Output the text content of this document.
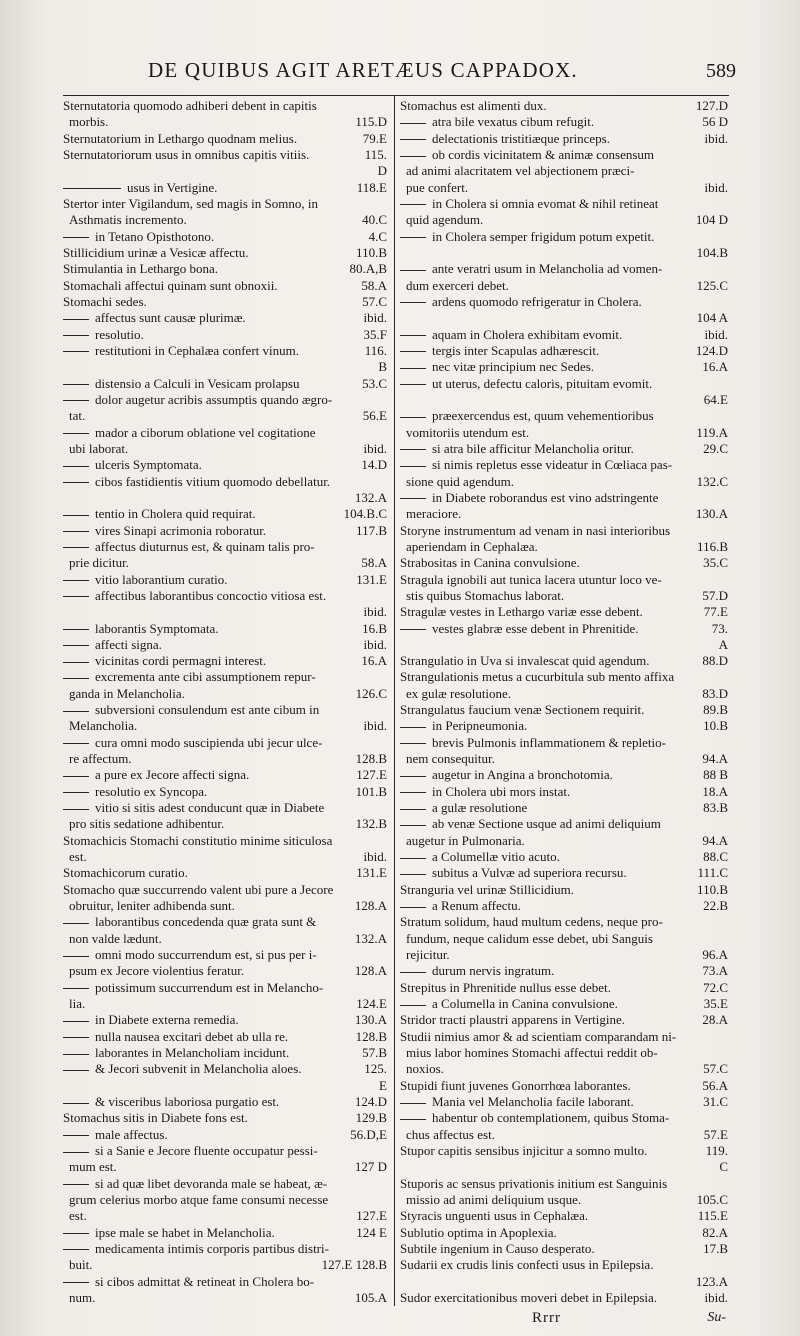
DE QUIBUS AGIT ARETÆUS CAPPADOX.	589
Sternutatoria quomodo adhiberi debent in capitis
morbis.	115.D
Sternutatorium in Lethargo quodnam melius.	79.E
Sternutatoriorum usus in omnibus capitis vitiis.	115.
D
usus in Vertigine.	118.E
Stertor inter Vigilandum, sed magis in Somno, in
Asthmatis incremento.	40.C
in Tetano Opisthotono.	4.C
Stillicidium urinæ a Vesicæ affectu.	110.B
Stimulantia in Lethargo bona.	80.A,B
Stomachali affectui quinam sunt obnoxii.	58.A
Stomachi sedes.	57.C
affectus sunt causæ plurimæ.	ibid.
resolutio.	35.F
restitutioni in Cephalæa confert vinum.	116.
B
distensio a Calculi in Vesicam prolapsu	53.C
dolor augetur acribis assumptis quando ægro-
tat.	56.E
mador a ciborum oblatione vel cogitatione
ubi laborat.	ibid.
ulceris Symptomata.	14.D
cibos fastidientis vitium quomodo debellatur.
132.A
tentio in Cholera quid requirat.	104.B.C
vires Sinapi acrimonia roboratur.	117.B
affectus diuturnus est, & quinam talis pro-
prie dicitur.	58.A
vitio laborantium curatio.	131.E
affectibus laborantibus concoctio vitiosa est.
ibid.
laborantis Symptomata.	16.B
affecti signa.	ibid.
vicinitas cordi permagni interest.	16.A
excrementa ante cibi assumptionem repur-
ganda in Melancholia.	126.C
subversioni consulendum est ante cibum in
Melancholia.	ibid.
cura omni modo suscipienda ubi jecur ulce-
re affectum.	128.B
a pure ex Jecore affecti signa.	127.E
resolutio ex Syncopa.	101.B
vitio si sitis adest conducunt quæ in Diabete
pro sitis sedatione adhibentur.	132.B
Stomachicis Stomachi constitutio minime siticulosa
est.	ibid.
Stomachicorum curatio.	131.E
Stomacho quæ succurrendo valent ubi pure a Jecore
obruitur, leniter adhibenda sunt.	128.A
laborantibus concedenda quæ grata sunt &
non valde lædunt.	132.A
omni modo succurrendum est, si pus per i-
psum ex Jecore violentius feratur.	128.A
potissimum succurrendum est in Melancho-
lia.	124.E
in Diabete externa remedia.	130.A
nulla nausea excitari debet ab ulla re.	128.B
laborantes in Melancholiam incidunt.	57.B
& Jecori subvenit in Melancholia aloes.	125.
E
& visceribus laboriosa purgatio est.	124.D
Stomachus sitis in Diabete fons est.	129.B
male affectus.	56.D,E
si a Sanie e Jecore fluente occupatur pessi-
mum est.	127 D
si ad quæ libet devoranda male se habeat, æ-
grum celerius morbo atque fame consumi necesse
est.	127.E
ipse male se habet in Melancholia.	124 E
medicamenta intimis corporis partibus distri-
buit.	127.E 128.B
si cibos admittat & retineat in Cholera bo-
num.	105.A
Stomachus est alimenti dux.	127.D
atra bile vexatus cibum refugit.	56 D
delectationis tristitiæque princeps.	ibid.
ob cordis vicinitatem & animæ consensum
ad animi alacritatem vel abjectionem præci-
pue confert.	ibid.
in Cholera si omnia evomat & nihil retineat
quid agendum.	104 D
in Cholera semper frigidum potum expetit.
104.B
ante veratri usum in Melancholia ad vomen-
dum exerceri debet.	125.C
ardens quomodo refrigeratur in Cholera.
104 A
aquam in Cholera exhibitam evomit.	ibid.
tergis inter Scapulas adhærescit.	124.D
nec vitæ principium nec Sedes.	16.A
ut uterus, defectu caloris, pituitam evomit.
64.E
præexercendus est, quum vehementioribus
vomitoriis utendum est.	119.A
si atra bile afficitur Melancholia oritur.	29.C
si nimis repletus esse videatur in Cœliaca pas-
sione quid agendum.	132.C
in Diabete roborandus est vino adstringente
meraciore.	130.A
Storyne instrumentum ad venam in nasi interioribus
aperiendam in Cephalæa.	116.B
Strabositas in Canina convulsione.	35.C
Stragula ignobili aut tunica lacera utuntur loco ve-
stis quibus Stomachus laborat.	57.D
Stragulæ vestes in Lethargo variæ esse debent.	77.E
vestes glabræ esse debent in Phrenitide.	73.
A
Strangulatio in Uva si invalescat quid agendum.	88.D
Strangulationis metus a cucurbitula sub mento affixa
ex gulæ resolutione.	83.D
Strangulatus faucium venæ Sectionem requirit.	89.B
in Peripneumonia.	10.B
brevis Pulmonis inflammationem & repletio-
nem consequitur.	94.A
augetur in Angina a bronchotomia.	88 B
in Cholera ubi mors instat.	18.A
a gulæ resolutione	83.B
ab venæ Sectione usque ad animi deliquium
augetur in Pulmonaria.	94.A
a Columellæ vitio acuto.	88.C
subitus a Vulvæ ad superiora recursu.	111.C
Stranguria vel urinæ Stillicidium.	110.B
a Renum affectu.	22.B
Stratum solidum, haud multum cedens, neque pro-
fundum, neque calidum esse debet, ubi Sanguis
rejicitur.	96.A
durum nervis ingratum.	73.A
Strepitus in Phrenitide nullus esse debet.	72.C
a Columella in Canina convulsione.	35.E
Stridor tracti plaustri apparens in Vertigine.	28.A
Studii nimius amor & ad scientiam comparandam ni-
mius labor homines Stomachi affectui reddit ob-
noxios.	57.C
Stupidi fiunt juvenes Gonorrhœa laborantes.	56.A
Mania vel Melancholia facile laborant.	31.C
habentur ob contemplationem, quibus Stoma-
chus affectus est.	57.E
Stupor capitis sensibus injicitur a somno multo.	119.
C
Stuporis ac sensus privationis initium est Sanguinis
missio ad animi deliquium usque.	105.C
Styracis unguenti usus in Cephalæa.	115.E
Sublutio optima in Apoplexia.	82.A
Subtile ingenium in Causo desperato.	17.B
Sudarii ex crudis linis confecti usus in Epilepsia.
123.A
Sudor exercitationibus moveri debet in Epilepsia.	ibid.
Rrrr	Su-
